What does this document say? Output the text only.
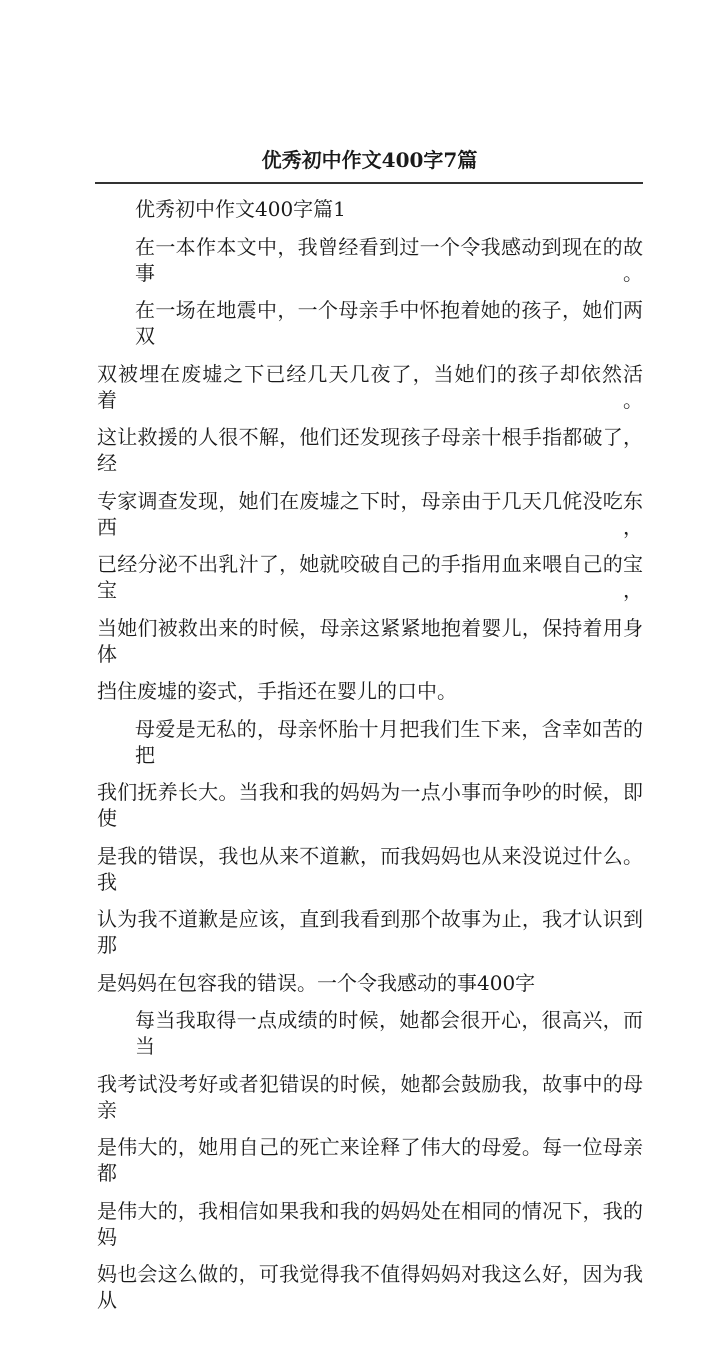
优秀初中作文400字7篇
优秀初中作文400字篇1
在一本作本文中，我曾经看到过一个令我感动到现在的故事。
在一场在地震中，一个母亲手中怀抱着她的孩子，她们两双
双被埋在废墟之下已经几天几夜了，当她们的孩子却依然活着。
这让救援的人很不解，他们还发现孩子母亲十根手指都破了，经
专家调查发现，她们在废墟之下时，母亲由于几天几侂没吃东西，
已经分泌不出乳汁了，她就咬破自己的手指用血来喂自己的宝宝，
当她们被救出来的时候，母亲这紧紧地抱着婴儿，保持着用身体
挡住废墟的姿式，手指还在婴儿的口中。
母爱是无私的，母亲怀胎十月把我们生下来，含幸如苦的把
我们抚养长大。当我和我的妈妈为一点小事而争吵的时候，即使
是我的错误，我也从来不道歉，而我妈妈也从来没说过什么。我
认为我不道歉是应该，直到我看到那个故事为止，我才认识到那
是妈妈在包容我的错误。一个令我感动的事400字
每当我取得一点成绩的时候，她都会很开心，很高兴，而当
我考试没考好或者犯错误的时候，她都会鼓励我，故事中的母亲
是伟大的，她用自己的死亡来诠释了伟大的母爱。每一位母亲都
是伟大的，我相信如果我和我的妈妈处在相同的情况下，我的妈
妈也会这么做的，可我觉得我不值得妈妈对我这么好，因为我从
